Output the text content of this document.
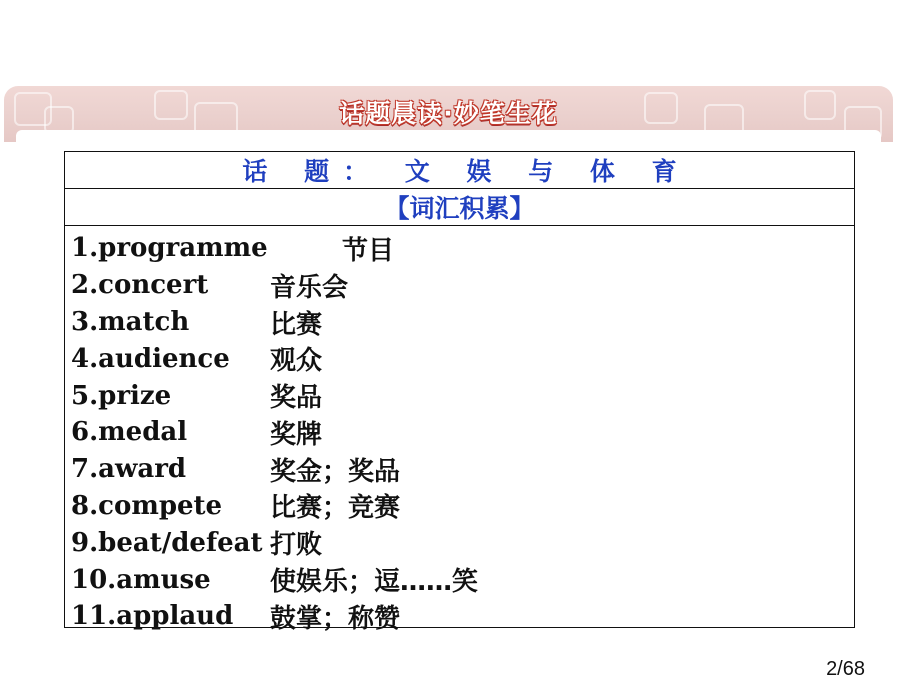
话题晨读·妙笔生花
话 题： 文 娱 与 体 育
【词汇积累】
1.programme	节目
2.concert	音乐会
3.match	比赛
4.audience	观众
5.prize	奖品
6.medal	奖牌
7.award	奖金；奖品
8.compete	比赛；竞赛
9.beat/defeat 打败
10.amuse	使娱乐；逗……笑
11.applaud	鼓掌；称赞
2/68
